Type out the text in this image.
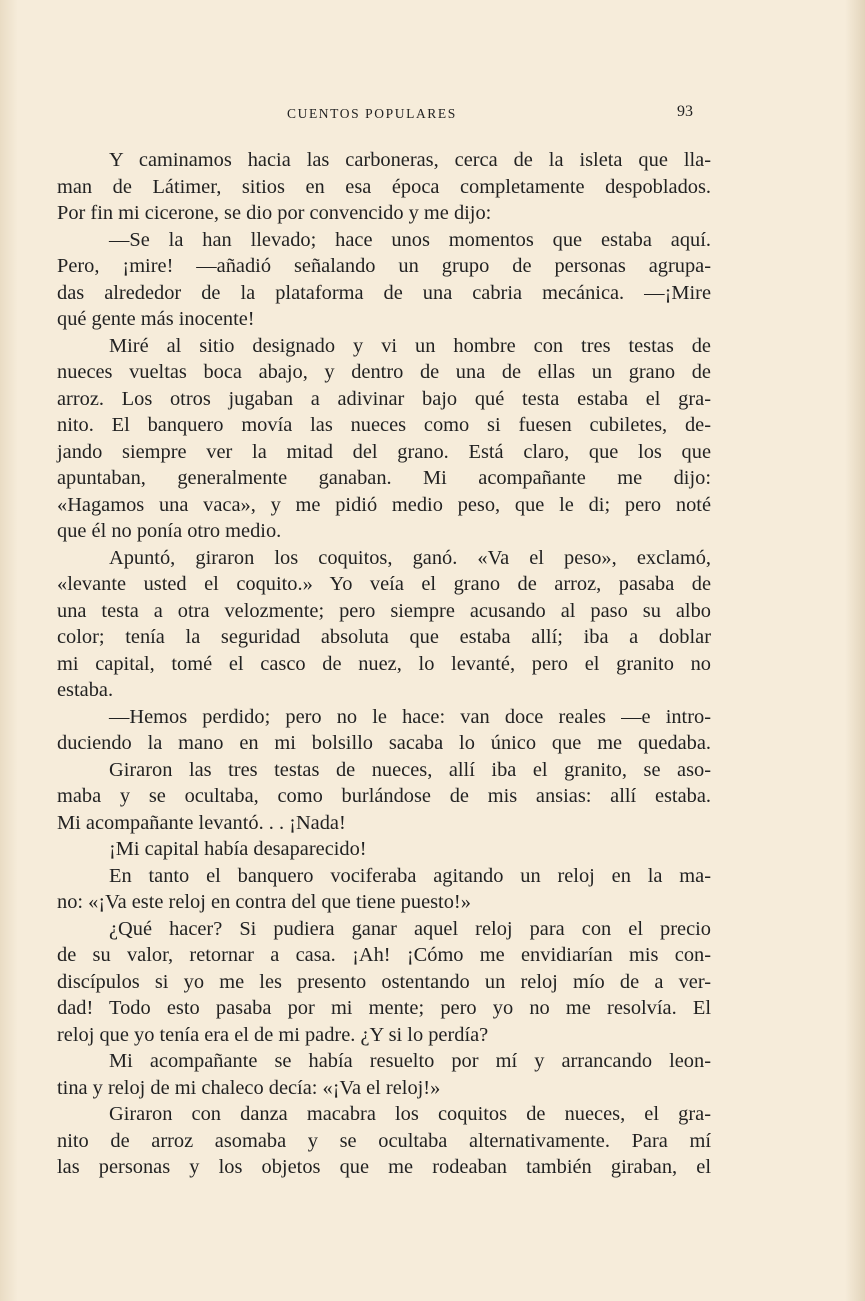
CUENTOS POPULARES	93
Y caminamos hacia las carboneras, cerca de la isleta que lla-
man de Látimer, sitios en esa época completamente despoblados.
Por fin mi cicerone, se dio por convencido y me dijo:
—Se la han llevado; hace unos momentos que estaba aquí.
Pero, ¡mire! —añadió señalando un grupo de personas agrupa-
das alrededor de la plataforma de una cabria mecánica. —¡Mire
qué gente más inocente!
Miré al sitio designado y vi un hombre con tres testas de
nueces vueltas boca abajo, y dentro de una de ellas un grano de
arroz. Los otros jugaban a adivinar bajo qué testa estaba el gra-
nito. El banquero movía las nueces como si fuesen cubiletes, de-
jando siempre ver la mitad del grano. Está claro, que los que
apuntaban, generalmente ganaban. Mi acompañante me dijo:
«Hagamos una vaca», y me pidió medio peso, que le di; pero noté
que él no ponía otro medio.
Apuntó, giraron los coquitos, ganó. «Va el peso», exclamó,
«levante usted el coquito.» Yo veía el grano de arroz, pasaba de
una testa a otra velozmente; pero siempre acusando al paso su albo
color; tenía la seguridad absoluta que estaba allí; iba a doblar
mi capital, tomé el casco de nuez, lo levanté, pero el granito no
estaba.
—Hemos perdido; pero no le hace: van doce reales —e intro-
duciendo la mano en mi bolsillo sacaba lo único que me quedaba.
Giraron las tres testas de nueces, allí iba el granito, se aso-
maba y se ocultaba, como burlándose de mis ansias: allí estaba.
Mi acompañante levantó. . . ¡Nada!
¡Mi capital había desaparecido!
En tanto el banquero vociferaba agitando un reloj en la ma-
no: «¡Va este reloj en contra del que tiene puesto!»
¿Qué hacer? Si pudiera ganar aquel reloj para con el precio
de su valor, retornar a casa. ¡Ah! ¡Cómo me envidiarían mis con-
discípulos si yo me les presento ostentando un reloj mío de a ver-
dad! Todo esto pasaba por mi mente; pero yo no me resolvía. El
reloj que yo tenía era el de mi padre. ¿Y si lo perdía?
Mi acompañante se había resuelto por mí y arrancando leon-
tina y reloj de mi chaleco decía: «¡Va el reloj!»
Giraron con danza macabra los coquitos de nueces, el gra-
nito de arroz asomaba y se ocultaba alternativamente. Para mí
las personas y los objetos que me rodeaban también giraban, el
